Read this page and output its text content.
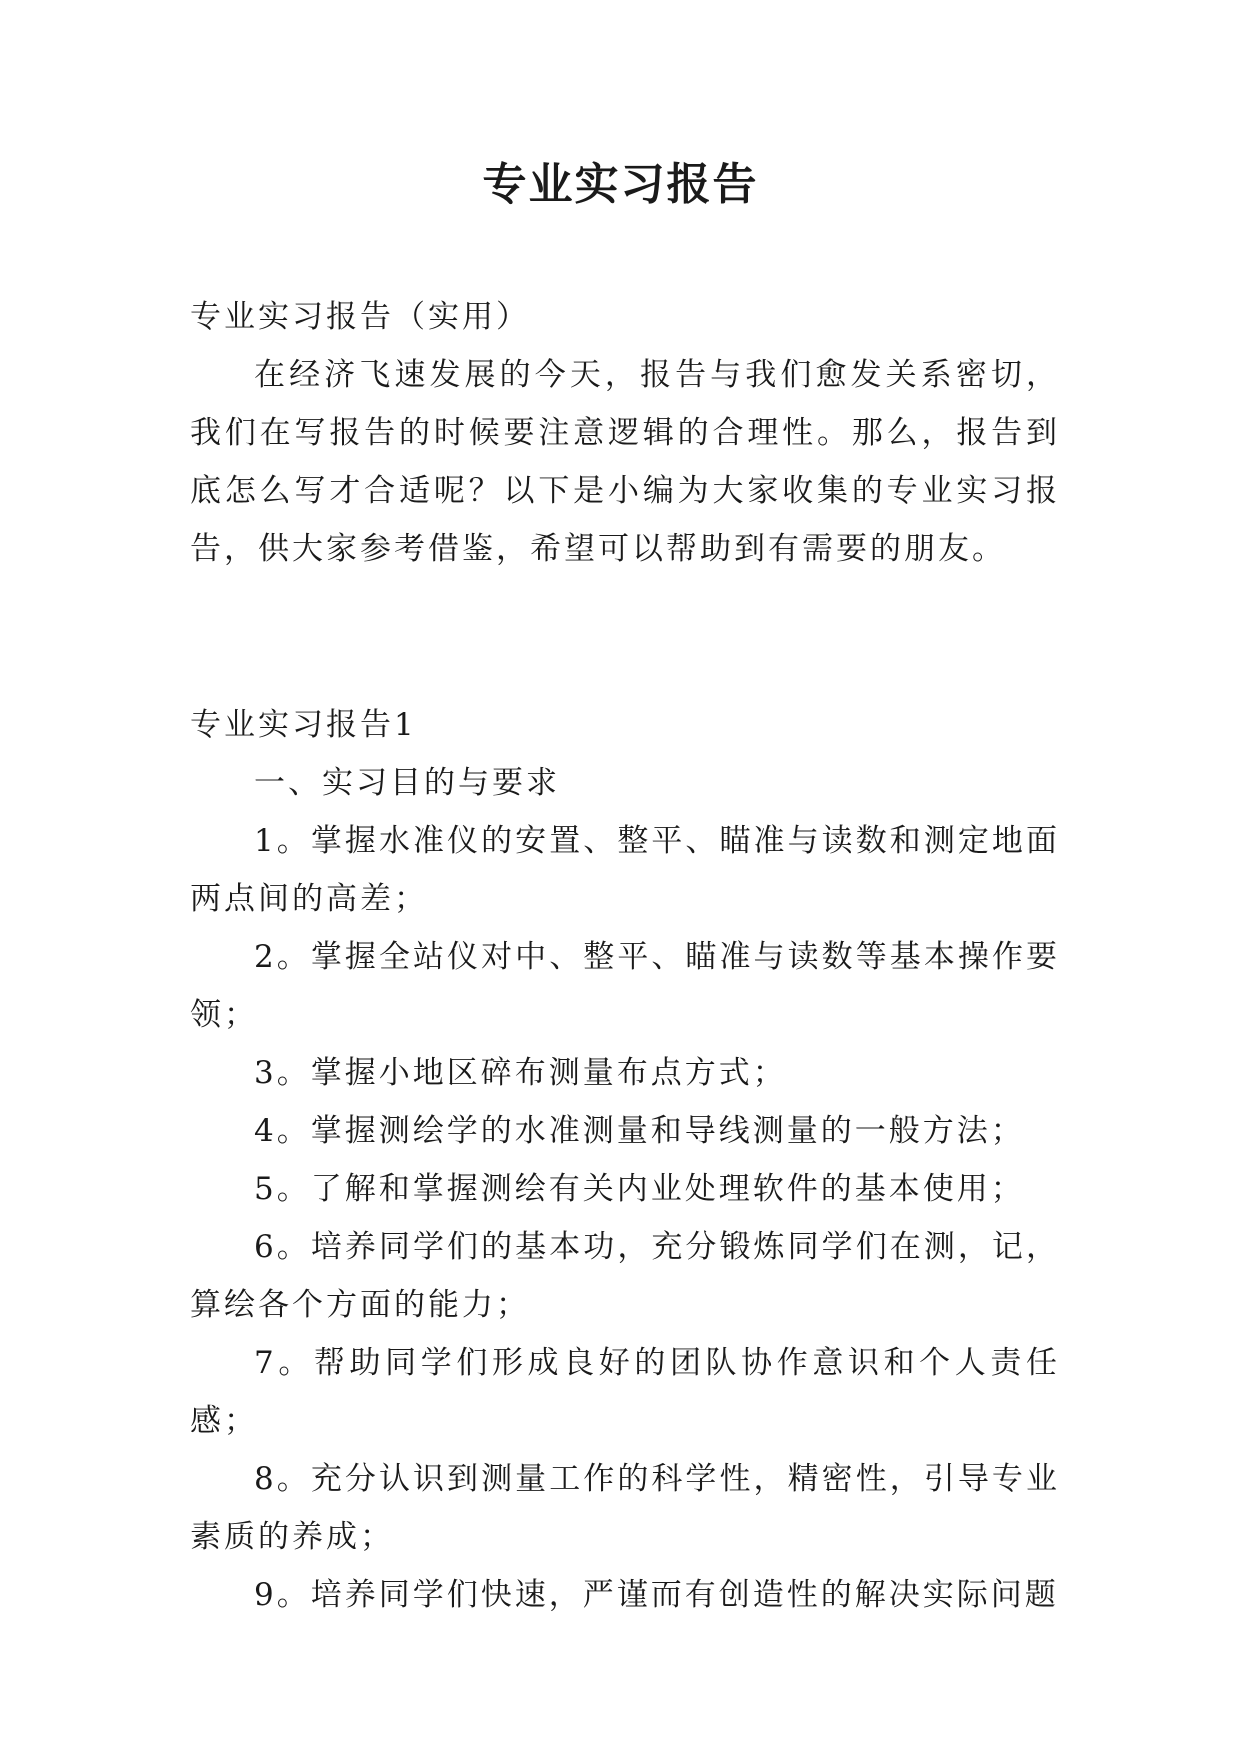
专业实习报告

专业实习报告（实用）

在经济飞速发展的今天，报告与我们愈发关系密切，我们在写报告的时候要注意逻辑的合理性。那么，报告到底怎么写才合适呢？以下是小编为大家收集的专业实习报告，供大家参考借鉴，希望可以帮助到有需要的朋友。

专业实习报告1

一、实习目的与要求

1。掌握水准仪的安置、整平、瞄准与读数和测定地面两点间的高差；

2。掌握全站仪对中、整平、瞄准与读数等基本操作要领；

3。掌握小地区碎布测量布点方式；

4。掌握测绘学的水准测量和导线测量的一般方法；

5。了解和掌握测绘有关内业处理软件的基本使用；

6。培养同学们的基本功，充分锻炼同学们在测，记，算绘各个方面的能力；

7。帮助同学们形成良好的团队协作意识和个人责任感；

8。充分认识到测量工作的科学性，精密性，引导专业素质的养成；

9。培养同学们快速，严谨而有创造性的解决实际问题
